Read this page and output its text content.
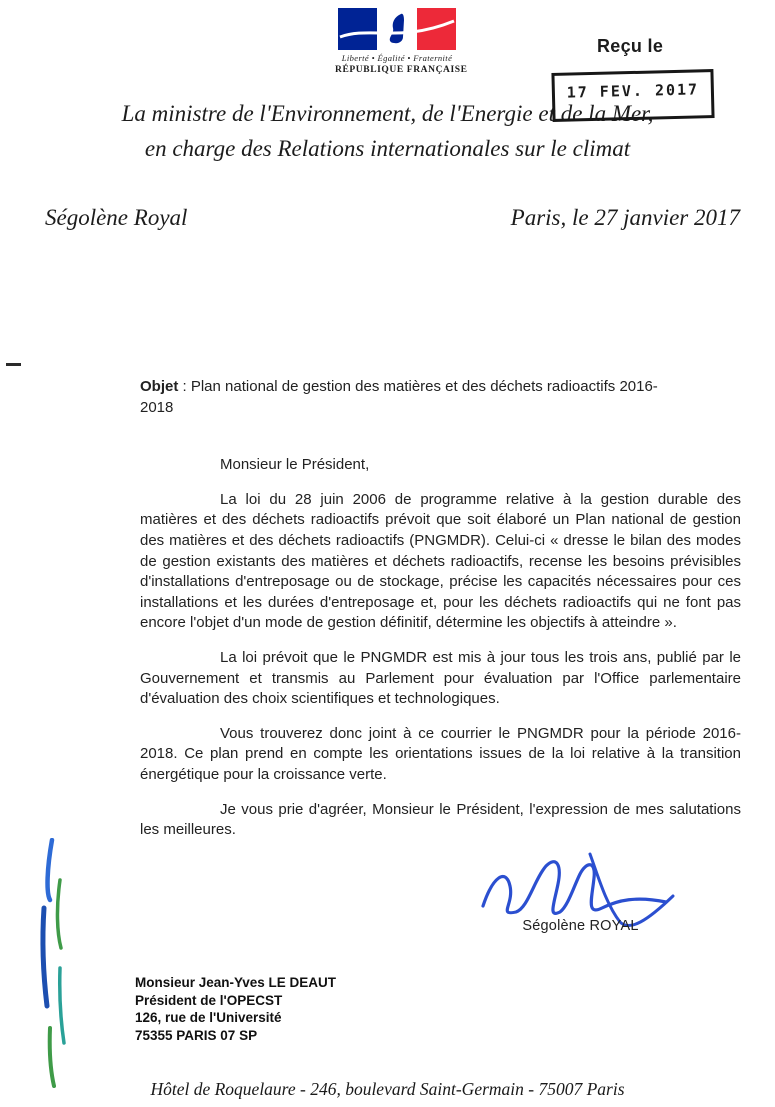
Liberté • Égalité • Fraternité
RÉPUBLIQUE FRANÇAISE
Reçu le
17 FEV. 2017
La ministre de l'Environnement, de l'Energie et de la Mer,
en charge des Relations internationales sur le climat
Ségolène Royal	Paris, le 27 janvier 2017

Objet : Plan national de gestion des matières et des déchets radioactifs 2016-2018

Monsieur le Président,

La loi du 28 juin 2006 de programme relative à la gestion durable des matières et des déchets radioactifs prévoit que soit élaboré un Plan national de gestion des matières et des déchets radioactifs (PNGMDR). Celui-ci « dresse le bilan des modes de gestion existants des matières et déchets radioactifs, recense les besoins prévisibles d'installations d'entreposage ou de stockage, précise les capacités nécessaires pour ces installations et les durées d'entreposage et, pour les déchets radioactifs qui ne font pas encore l'objet d'un mode de gestion définitif, détermine les objectifs à atteindre ».

La loi prévoit que le PNGMDR est mis à jour tous les trois ans, publié par le Gouvernement et transmis au Parlement pour évaluation par l'Office parlementaire d'évaluation des choix scientifiques et technologiques.

Vous trouverez donc joint à ce courrier le PNGMDR pour la période 2016-2018. Ce plan prend en compte les orientations issues de la loi relative à la transition énergétique pour la croissance verte.

Je vous prie d'agréer, Monsieur le Président, l'expression de mes salutations les meilleures.

Ségolène ROYAL
Monsieur Jean-Yves LE DEAUT
Président de l'OPECST
126, rue de l'Université
75355 PARIS 07 SP
Hôtel de Roquelaure - 246, boulevard Saint-Germain - 75007 Paris
